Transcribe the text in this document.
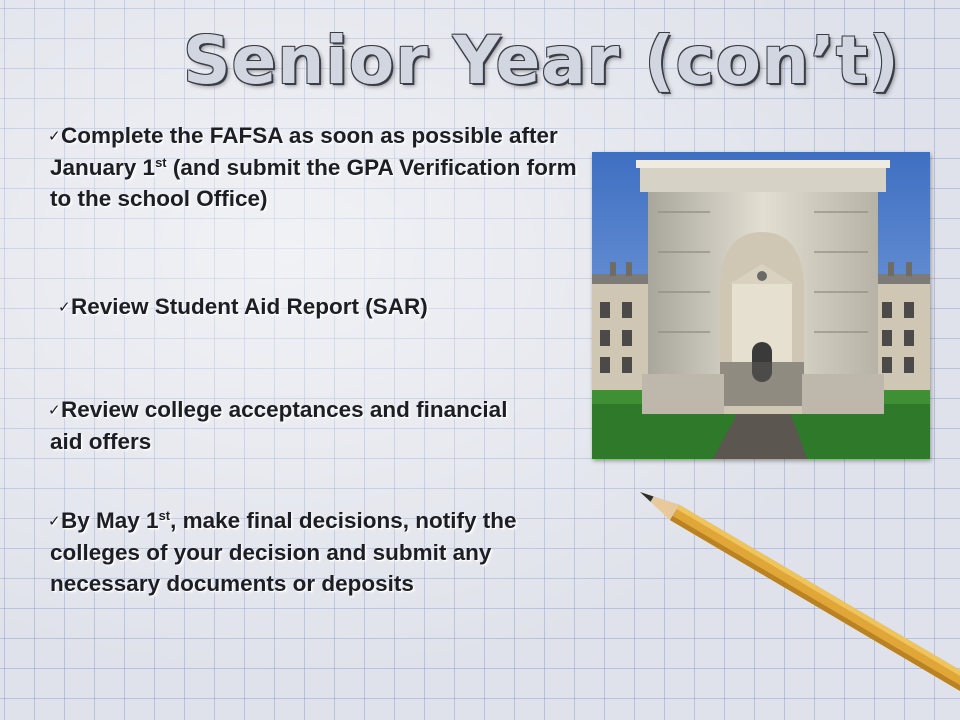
Senior Year (con’t)
✓Complete the FAFSA as soon as possible after January 1st (and submit the GPA Verification form to the school Office)
✓Review Student Aid Report (SAR)
✓Review college acceptances and financial aid offers
✓By May 1st, make final decisions, notify the colleges of your decision and submit any necessary documents or deposits
